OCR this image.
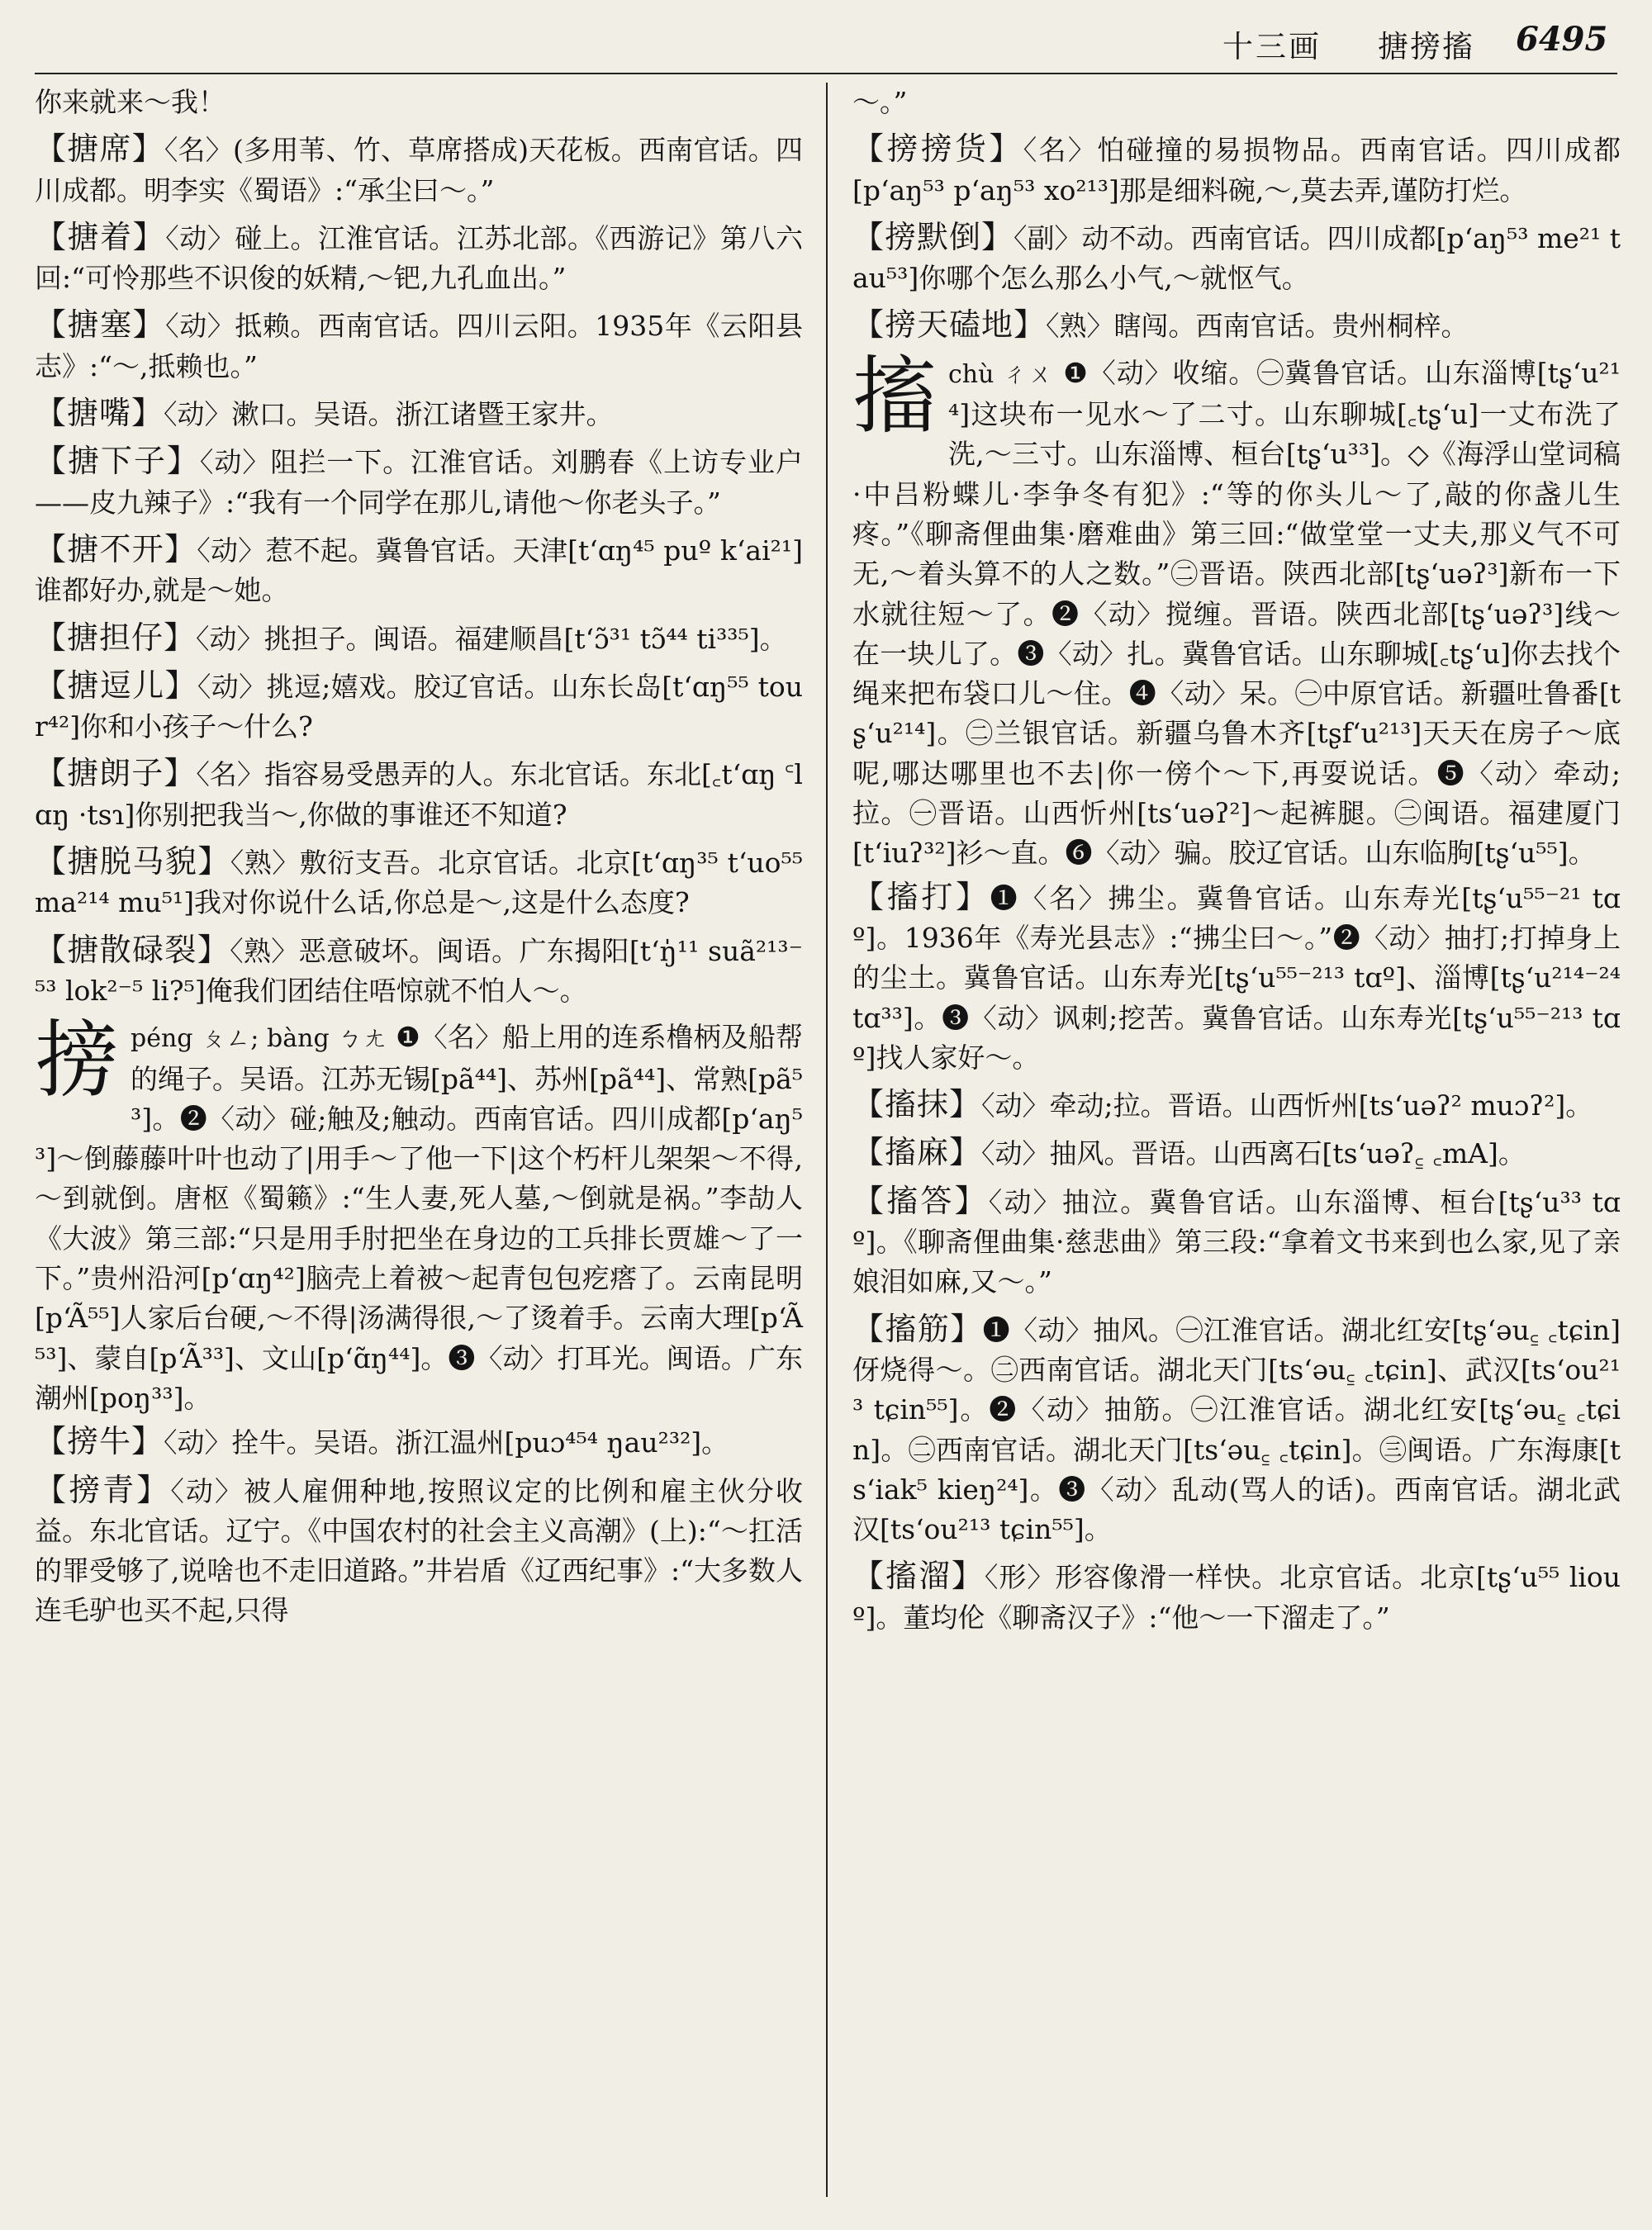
十三画 搪搒搐 6495

你来就来～我！

【搪席】〈名〉(多用苇、竹、草席搭成)天花板。西南官话。四川成都。明李实《蜀语》:“承尘曰～。”

【搪着】〈动〉碰上。江淮官话。江苏北部。《西游记》第八六回:“可怜那些不识俊的妖精,～钯,九孔血出。”

【搪塞】〈动〉抵赖。西南官话。四川云阳。1935年《云阳县志》:“～,抵赖也。”

【搪嘴】〈动〉漱口。吴语。浙江诸暨王家井。

【搪下子】〈动〉阻拦一下。江淮官话。刘鹏春《上访专业户——皮九辣子》:“我有一个同学在那儿,请他～你老头子。”

【搪不开】〈动〉惹不起。冀鲁官话。天津[t‘ɑŋ⁴⁵ puº k‘ai²¹]谁都好办,就是～她。

【搪担仔】〈动〉挑担子。闽语。福建顺昌[t‘ɔ̃³¹ tɔ̃⁴⁴ ti³³⁵]。

【搪逗儿】〈动〉挑逗;嬉戏。胶辽官话。山东长岛[t‘ɑŋ⁵⁵ tour⁴²]你和小孩子～什么?

【搪朗子】〈名〉指容易受愚弄的人。东北官话。东北[꜀t‘ɑŋ ꜂lɑŋ ·tsɿ]你别把我当～,你做的事谁还不知道?

【搪脱马貌】〈熟〉敷衍支吾。北京官话。北京[t‘ɑŋ³⁵ t‘uo⁵⁵ ma²¹⁴ mu⁵¹]我对你说什么话,你总是～,这是什么态度?

【搪散碌裂】〈熟〉恶意破坏。闽语。广东揭阳[t‘ŋ̍¹¹ suã²¹³⁻⁵³ lok²⁻⁵ li?⁵]俺我们团结住唔惊就不怕人～。

搒 péng ㄆㄥ; bàng ㄅㄤ ❶〈名〉船上用的连系橹柄及船帮的绳子。吴语。江苏无锡[pã⁴⁴]、苏州[pã⁴⁴]、常熟[pã⁵³]。❷〈动〉碰;触及;触动。西南官话。四川成都[p‘aŋ⁵³]～倒藤藤叶叶也动了|用手～了他一下|这个朽杆儿架架～不得,～到就倒。唐枢《蜀籁》:“生人妻,死人墓,～倒就是祸。”李劼人《大波》第三部:“只是用手肘把坐在身边的工兵排长贾雄～了一下。”贵州沿河[p‘ɑŋ⁴²]脑壳上着被～起青包包疙瘩了。云南昆明[p‘Ã⁵⁵]人家后台硬,～不得|汤满得很,～了烫着手。云南大理[p‘Ã⁵³]、蒙自[p‘Ã³³]、文山[p‘ɑ̃ŋ⁴⁴]。❸〈动〉打耳光。闽语。广东潮州[poŋ³³]。

【搒牛】〈动〉拴牛。吴语。浙江温州[puɔ⁴⁵⁴ ŋau²³²]。

【搒青】〈动〉被人雇佣种地,按照议定的比例和雇主伙分收益。东北官话。辽宁。《中国农村的社会主义高潮》(上):“～扛活的罪受够了,说啥也不走旧道路。”井岩盾《辽西纪事》:“大多数人连毛驴也买不起,只得

～。”

【搒搒货】〈名〉怕碰撞的易损物品。西南官话。四川成都[p‘aŋ⁵³ p‘aŋ⁵³ xo²¹³]那是细料碗,～,莫去弄,谨防打烂。

【搒默倒】〈副〉动不动。西南官话。四川成都[p‘aŋ⁵³ me²¹ tau⁵³]你哪个怎么那么小气,～就怄气。

【搒天磕地】〈熟〉瞎闯。西南官话。贵州桐梓。

搐 chù ㄔㄨ ❶〈动〉收缩。㊀冀鲁官话。山东淄博[tʂ‘u²¹⁴]这块布一见水～了二寸。山东聊城[꜀tʂ‘u]一丈布洗了洗,～三寸。山东淄博、桓台[tʂ‘u³³]。◇《海浮山堂词稿·中吕粉蝶儿·李争冬有犯》:“等的你头儿～了,敲的你盏儿生疼。”《聊斋俚曲集·磨难曲》第三回:“做堂堂一丈夫,那义气不可无,～着头算不的人之数。”㊁晋语。陕西北部[tʂ‘uəʔ³]新布一下水就往短～了。❷〈动〉搅缠。晋语。陕西北部[tʂ‘uəʔ³]线～在一块儿了。❸〈动〉扎。冀鲁官话。山东聊城[꜀tʂ‘u]你去找个绳来把布袋口儿～住。❹〈动〉呆。㊀中原官话。新疆吐鲁番[tʂ‘u²¹⁴]。㊁兰银官话。新疆乌鲁木齐[tʂf‘u²¹³]天天在房子～底呢,哪达哪里也不去|你一傍个～下,再耍说话。❺〈动〉牵动;拉。㊀晋语。山西忻州[ts‘uəʔ²]～起裤腿。㊁闽语。福建厦门[t‘iuʔ³²]衫～直。❻〈动〉骗。胶辽官话。山东临朐[tʂ‘u⁵⁵]。

【搐打】❶〈名〉拂尘。冀鲁官话。山东寿光[tʂ‘u⁵⁵⁻²¹ tɑº]。1936年《寿光县志》:“拂尘曰～。”❷〈动〉抽打;打掉身上的尘土。冀鲁官话。山东寿光[tʂ‘u⁵⁵⁻²¹³ tɑº]、淄博[tʂ‘u²¹⁴⁻²⁴ tɑ³³]。❸〈动〉讽刺;挖苦。冀鲁官话。山东寿光[tʂ‘u⁵⁵⁻²¹³ tɑº]找人家好～。

【搐抹】〈动〉牵动;拉。晋语。山西忻州[ts‘uəʔ² muɔʔ²]。

【搐麻】〈动〉抽风。晋语。山西离石[ts‘uəʔ꜁ ꜀mA]。

【搐答】〈动〉抽泣。冀鲁官话。山东淄博、桓台[tʂ‘u³³ tɑº]。《聊斋俚曲集·慈悲曲》第三段:“拿着文书来到也么家,见了亲娘泪如麻,又～。”

【搐筋】❶〈动〉抽风。㊀江淮官话。湖北红安[tʂ‘əu꜁ ꜀tɕin]伢烧得～。㊁西南官话。湖北天门[ts‘əu꜁ ꜀tɕin]、武汉[ts‘ou²¹³ tɕin⁵⁵]。❷〈动〉抽筋。㊀江淮官话。湖北红安[tʂ‘əu꜁ ꜀tɕin]。㊁西南官话。湖北天门[ts‘əu꜁ ꜀tɕin]。㊂闽语。广东海康[ts‘iak⁵ kieŋ²⁴]。❸〈动〉乱动(骂人的话)。西南官话。湖北武汉[ts‘ou²¹³ tɕin⁵⁵]。

【搐溜】〈形〉形容像滑一样快。北京官话。北京[tʂ‘u⁵⁵ liouº]。董均伦《聊斋汉子》:“他～一下溜走了。”
